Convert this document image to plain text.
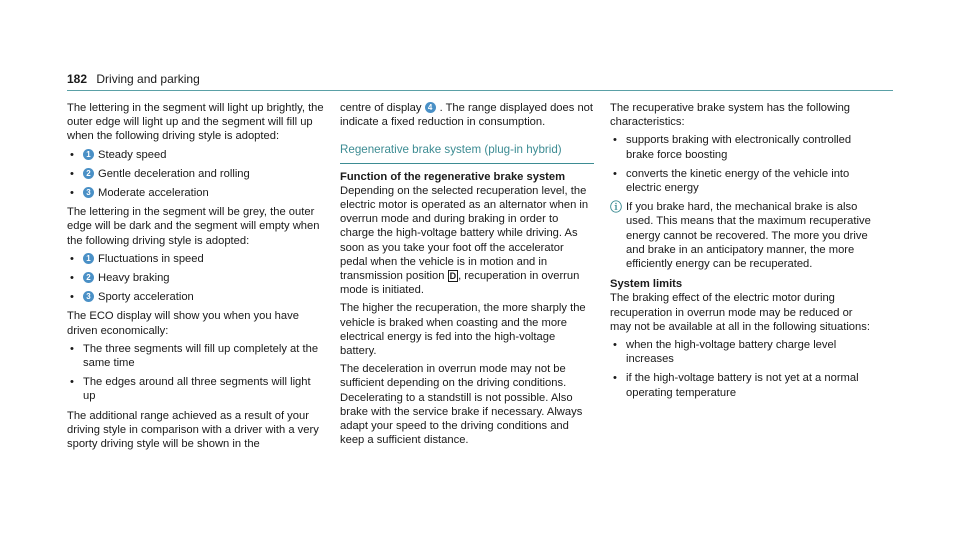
182 Driving and parking

The lettering in the segment will light up brightly, the outer edge will light up and the segment will fill up when the following driving style is adopted:

• 1 Steady speed
• 2 Gentle deceleration and rolling
• 3 Moderate acceleration

The lettering in the segment will be grey, the outer edge will be dark and the segment will empty when the following driving style is adopted:

• 1 Fluctuations in speed
• 2 Heavy braking
• 3 Sporty acceleration

The ECO display will show you when you have driven economically:

• The three segments will fill up completely at the same time
• The edges around all three segments will light up

The additional range achieved as a result of your driving style in comparison with a driver with a very sporty driving style will be shown in the

centre of display 4 . The range displayed does not indicate a fixed reduction in consumption.

Regenerative brake system (plug-in hybrid)
Function of the regenerative brake system

Depending on the selected recuperation level, the electric motor is operated as an alternator when in overrun mode and during braking in order to charge the high-voltage battery while driving. As soon as you take your foot off the accelerator pedal when the vehicle is in motion and in transmission position D , recuperation in overrun mode is initiated.

The higher the recuperation, the more sharply the vehicle is braked when coasting and the more electrical energy is fed into the high-voltage battery.

The deceleration in overrun mode may not be sufficient depending on the driving conditions. Decelerating to a standstill is not possible. Also brake with the service brake if necessary. Always adapt your speed to the driving conditions and keep a sufficient distance.

The recuperative brake system has the following characteristics:

• supports braking with electronically controlled brake force boosting
• converts the kinetic energy of the vehicle into electric energy
ⓘ If you brake hard, the mechanical brake is also used. This means that the maximum recuperative energy cannot be recovered. The more you drive and brake in an anticipatory manner, the more efficiently energy can be recuperated.
System limits

The braking effect of the electric motor during recuperation in overrun mode may be reduced or may not be available at all in the following situations:

• when the high-voltage battery charge level increases
• if the high-voltage battery is not yet at a normal operating temperature
